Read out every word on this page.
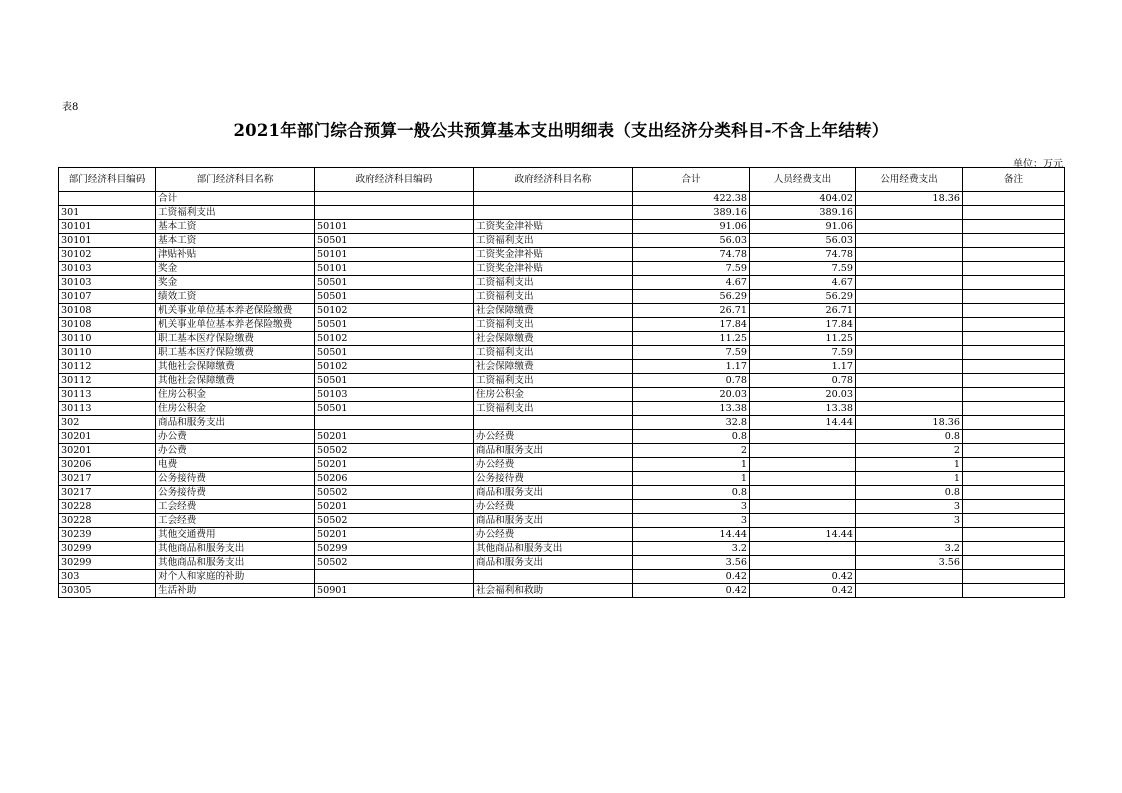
表8
2021年部门综合预算一般公共预算基本支出明细表（支出经济分类科目-不含上年结转）
单位：万元
部门经济科目编码	部门经济科目名称	政府经济科目编码	政府经济科目名称	合计	人员经费支出	公用经费支出	备注
	合计			422.38	404.02	18.36	
301	工资福利支出			389.16	389.16		
30101	基本工资	50101	工资奖金津补贴	91.06	91.06		
30101	基本工资	50501	工资福利支出	56.03	56.03		
30102	津贴补贴	50101	工资奖金津补贴	74.78	74.78		
30103	奖金	50101	工资奖金津补贴	7.59	7.59		
30103	奖金	50501	工资福利支出	4.67	4.67		
30107	绩效工资	50501	工资福利支出	56.29	56.29		
30108	机关事业单位基本养老保险缴费	50102	社会保障缴费	26.71	26.71		
30108	机关事业单位基本养老保险缴费	50501	工资福利支出	17.84	17.84		
30110	职工基本医疗保险缴费	50102	社会保障缴费	11.25	11.25		
30110	职工基本医疗保险缴费	50501	工资福利支出	7.59	7.59		
30112	其他社会保障缴费	50102	社会保障缴费	1.17	1.17		
30112	其他社会保障缴费	50501	工资福利支出	0.78	0.78		
30113	住房公积金	50103	住房公积金	20.03	20.03		
30113	住房公积金	50501	工资福利支出	13.38	13.38		
302	商品和服务支出			32.8	14.44	18.36	
30201	办公费	50201	办公经费	0.8		0.8	
30201	办公费	50502	商品和服务支出	2		2	
30206	电费	50201	办公经费	1		1	
30217	公务接待费	50206	公务接待费	1		1	
30217	公务接待费	50502	商品和服务支出	0.8		0.8	
30228	工会经费	50201	办公经费	3		3	
30228	工会经费	50502	商品和服务支出	3		3	
30239	其他交通费用	50201	办公经费	14.44	14.44		
30299	其他商品和服务支出	50299	其他商品和服务支出	3.2		3.2	
30299	其他商品和服务支出	50502	商品和服务支出	3.56		3.56	
303	对个人和家庭的补助			0.42	0.42		
30305	生活补助	50901	社会福利和救助	0.42	0.42		
